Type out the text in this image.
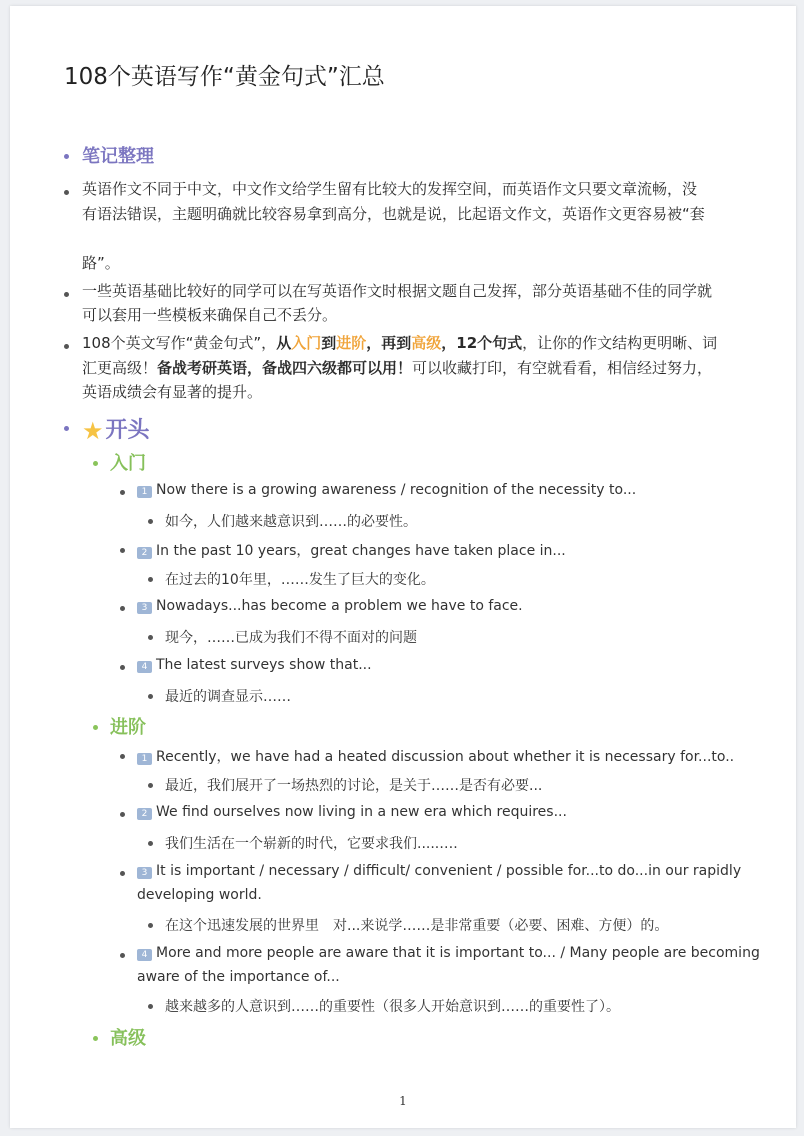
108个英语写作“黄金句式”汇总
笔记整理
英语作文不同于中文，中文作文给学生留有比较大的发挥空间，而英语作文只要文章流畅，没
有语法错误，主题明确就比较容易拿到高分，也就是说，比起语文作文，英语作文更容易被“套
路”。
一些英语基础比较好的同学可以在写英语作文时根据文题自己发挥，部分英语基础不佳的同学就
可以套用一些模板来确保自己不丢分。
108个英文写作“黄金句式”，从入门到进阶，再到高级，12个句式，让你的作文结构更明晰、词
汇更高级！备战考研英语，备战四六级都可以用！可以收藏打印，有空就看看，相信经过努力，
英语成绩会有显著的提升。
★开头
入门
1 Now there is a growing awareness / recognition of the necessity to...
如今，人们越来越意识到……的必要性。
2 In the past 10 years，great changes have taken place in...
在过去的10年里，……发生了巨大的变化。
3 Nowadays...has become a problem we have to face.
现今，……已成为我们不得不面对的问题
4 The latest surveys show that...
最近的调查显示……
进阶
1 Recently，we have had a heated discussion about whether it is necessary for...to..
最近，我们展开了一场热烈的讨论，是关于……是否有必要...
2 We find ourselves now living in a new era which requires...
我们生活在一个崭新的时代，它要求我们.....….
3 It is important / necessary / difficult/ convenient / possible for...to do...in our rapidly
developing world.
在这个迅速发展的世界里　对...来说学……是非常重要（必要、困难、方便）的。
4 More and more people are aware that it is important to... / Many people are becoming
aware of the importance of...
越来越多的人意识到……的重要性（很多人开始意识到……的重要性了）。
高级
1
